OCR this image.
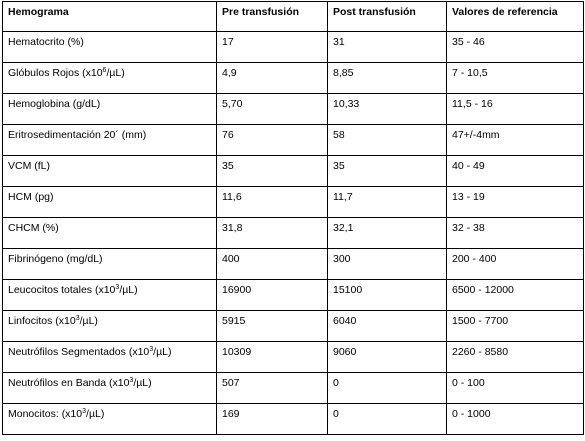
Hemograma	Pre transfusión	Post transfusión	Valores de referencia
Hematocrito (%)	17	31	35 - 46
Glóbulos Rojos $(x10^6/\mu L)$	4,9	8,85	7 - 10,5
Hemoglobina (g/dL)	5,70	10,33	11,5 - 16
Eritrosedimentación 20´ (mm)	76	58	47+/-4mm
VCM (fL)	35	35	40 - 49
HCM (pg)	11,6	11,7	13 - 19
CHCM (%)	31,8	32,1	32 - 38
Fibrinógeno (mg/dL)	400	300	200 - 400
Leucocitos totales $(x10^3/\mu L)$	16900	15100	6500 - 12000
Linfocitos $(x10^3/\mu L)$	5915	6040	1500 - 7700
Neutrófilos Segmentados $(x10^3/\mu L)$	10309	9060	2260 - 8580
Neutrófilos en Banda $(x10^3/\mu L)$	507	0	0 - 100
Monocitos: $(x10^3/\mu L)$	169	0	0 - 1000
